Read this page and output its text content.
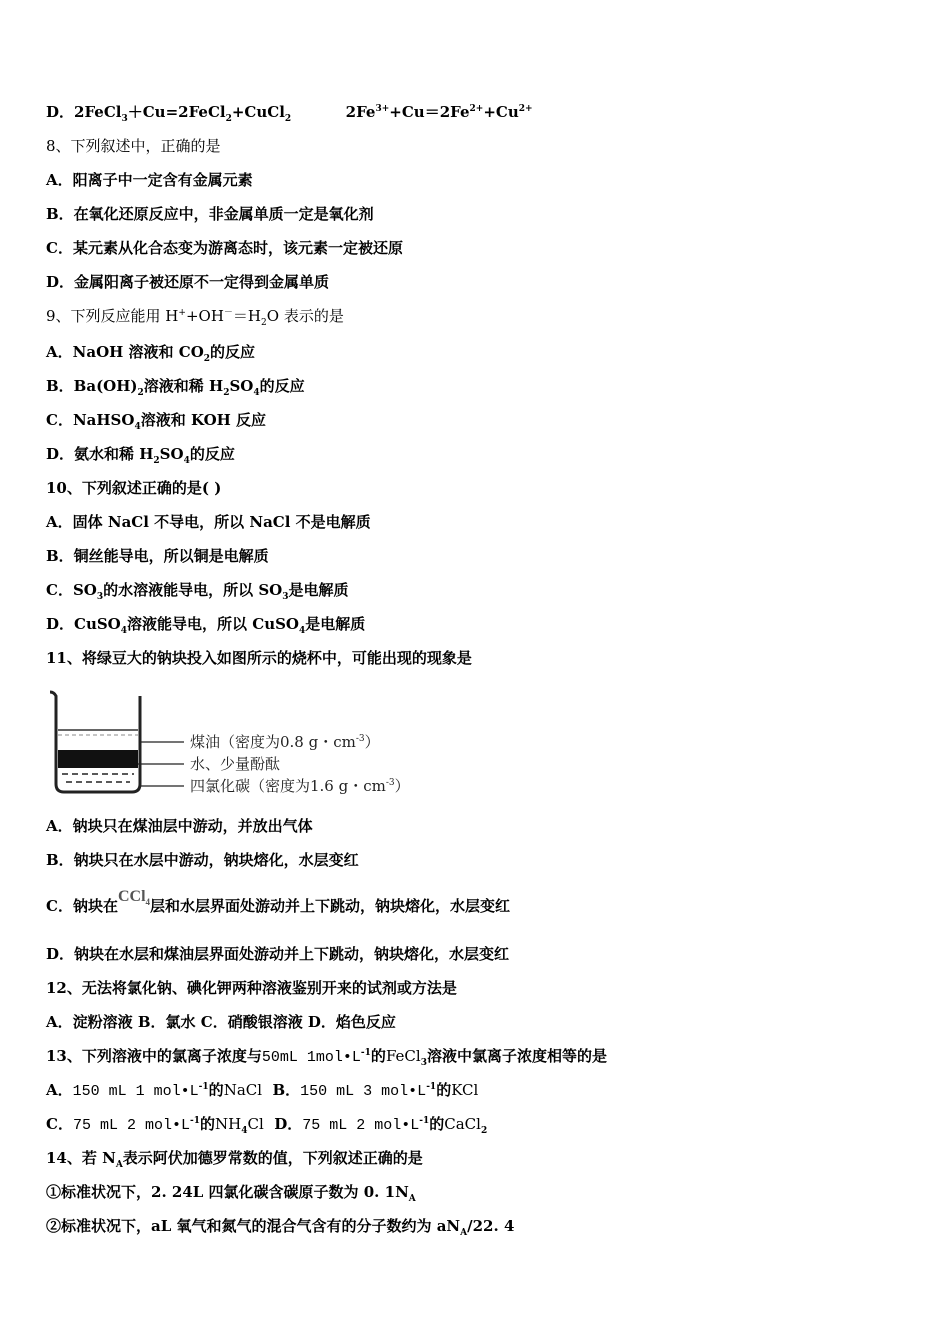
D．2FeCl$_3$＋Cu=2FeCl$_2$+CuCl$_2$	$2Fe^{3+}+Cu=2Fe^{2+}+Cu^{2+}$
8、下列叙述中，正确的是
A．阳离子中一定含有金属元素
B．在氧化还原反应中，非金属单质一定是氧化剂
C．某元素从化合态变为游离态时，该元素一定被还原
D．金属阳离子被还原不一定得到金属单质
9、下列反应能用 $H^++OH^-=H_2O$ 表示的是
A．NaOH 溶液和 $CO_2$的反应
B．$Ba(OH)_2$溶液和稀 $H_2SO_4$的反应
C．NaHSO$_4$溶液和 KOH 反应
D．氨水和稀 $H_2SO_4$的反应
10、下列叙述正确的是( )
A．固体 NaCl 不导电，所以 NaCl 不是电解质
B．铜丝能导电，所以铜是电解质
C．$SO_3$的水溶液能导电，所以 $SO_3$是电解质
D．CuSO$_4$溶液能导电，所以 CuSO$_4$是电解质
11、将绿豆大的钠块投入如图所示的烧杯中，可能出现的现象是
煤油（密度为0.8 g・$cm^{-3}$）
水、少量酚酞
四氯化碳（密度为1.6 g・$cm^{-3}$）
A．钠块只在煤油层中游动，并放出气体
B．钠块只在水层中游动，钠块熔化，水层变红
C．钠块在CCl$_4$层和水层界面处游动并上下跳动，钠块熔化，水层变红
D．钠块在水层和煤油层界面处游动并上下跳动，钠块熔化，水层变红
12、无法将氯化钠、碘化钾两种溶液鉴别开来的试剂或方法是
A．淀粉溶液 B．氯水 C．硝酸银溶液 D．焰色反应
13、下列溶液中的氯离子浓度与50mL $1mol•L^{-1}$的FeCl$_3$溶液中氯离子浓度相等的是
A．150 mL 1 $mol•L^{-1}$的NaCl  B．150 mL 3 $mol•L^{-1}$的KCl
C．75 mL 2 $mol•L^{-1}$的$NH_4Cl$  D．75 mL 2 $mol•L^{-1}$的CaCl$_2$
14、若 $N_A$表示阿伏加德罗常数的值，下列叙述正确的是
①标准状况下，2. 24L 四氯化碳含碳原子数为 0. $1N_A$
②标准状况下，aL 氧气和氮气的混合气含有的分子数约为 $aN_A/22$. 4
